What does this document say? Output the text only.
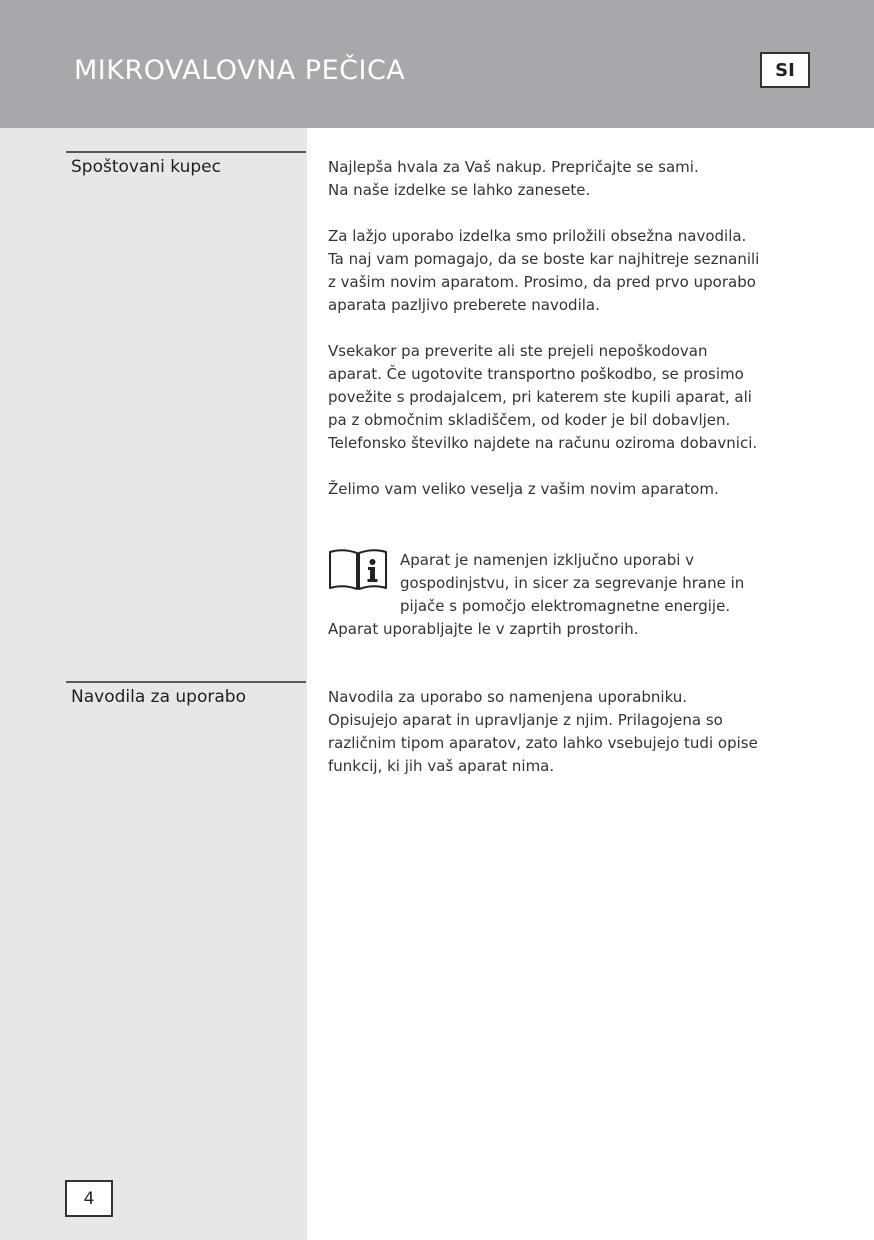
MIKROVALOVNA PEČICA	SI
Spoštovani kupec	Najlepša hvala za Vaš nakup. Prepričajte se sami.
Na naše izdelke se lahko zanesete.

Za lažjo uporabo izdelka smo priložili obsežna navodila.
Ta naj vam pomagajo, da se boste kar najhitreje seznanili
z vašim novim aparatom. Prosimo, da pred prvo uporabo
aparata pazljivo preberete navodila.

Vsekakor pa preverite ali ste prejeli nepoškodovan
aparat. Če ugotovite transportno poškodbo, se prosimo
povežite s prodajalcem, pri katerem ste kupili aparat, ali
pa z območnim skladiščem, od koder je bil dobavljen.
Telefonsko številko najdete na računu oziroma dobavnici.

Želimo vam veliko veselja z vašim novim aparatom.

Aparat je namenjen izključno uporabi v
gospodinjstvu, in sicer za segrevanje hrane in
pijače s pomočjo elektromagnetne energije.
Aparat uporabljajte le v zaprtih prostorih.
Navodila za uporabo	Navodila za uporabo so namenjena uporabniku.
Opisujejo aparat in upravljanje z njim. Prilagojena so
različnim tipom aparatov, zato lahko vsebujejo tudi opise
funkcij, ki jih vaš aparat nima.

4
